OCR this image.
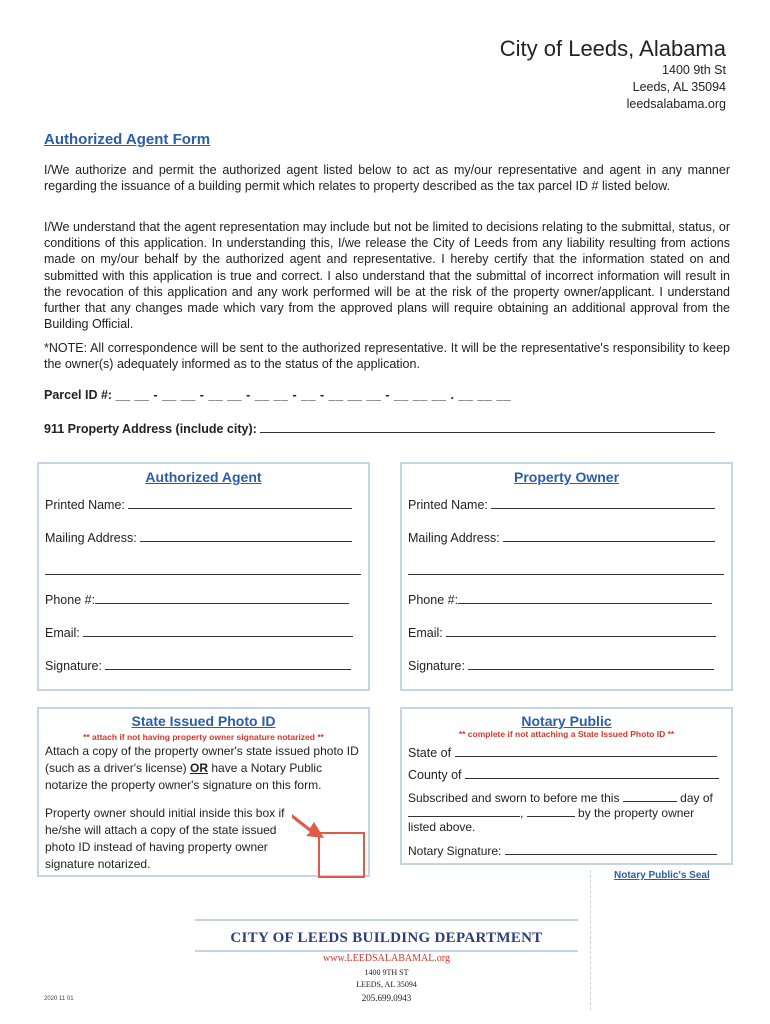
City of Leeds, Alabama
1400 9th St
Leeds, AL 35094
leedsalabama.org
Authorized Agent Form

I/We authorize and permit the authorized agent listed below to act as my/our representative and agent in any manner regarding the issuance of a building permit which relates to property described as the tax parcel ID # listed below.

I/We understand that the agent representation may include but not be limited to decisions relating to the submittal, status, or conditions of this application. In understanding this, I/we release the City of Leeds from any liability resulting from actions made on my/our behalf by the authorized agent and representative. I hereby certify that the information stated on and submitted with this application is true and correct. I also understand that the submittal of incorrect information will result in the revocation of this application and any work performed will be at the risk of the property owner/applicant. I understand further that any changes made which vary from the approved plans will require obtaining an additional approval from the Building Official.

*NOTE: All correspondence will be sent to the authorized representative. It will be the representative's responsibility to keep the owner(s) adequately informed as to the status of the application.

Parcel ID #: __ __ - __ __ - __ __ - __ __ - __ - __ __ __ - __ __ __ . __ __ __
911 Property Address (include city):
Authorized Agent
Printed Name:
Mailing Address:
Phone #:
Email:
Signature:
Property Owner
Printed Name:
Mailing Address:
Phone #:
Email:
Signature:
State Issued Photo ID
** attach if not having property owner signature notarized **
Attach a copy of the property owner's state issued photo ID (such as a driver's license) OR have a Notary Public notarize the property owner's signature on this form.
Property owner should initial inside this box if he/she will attach a copy of the state issued photo ID instead of having property owner signature notarized.
Notary Public
** complete if not attaching a State Issued Photo ID **
State of
County of
Subscribed and sworn to before me this	day of
,	by the property owner
listed above.
Notary Signature:
Notary Public's Seal
CITY OF LEEDS BUILDING DEPARTMENT
www.LEEDSALABAMAL.org
1400 9TH ST
LEEDS, AL 35094
205.699.0943
2020 11 01
